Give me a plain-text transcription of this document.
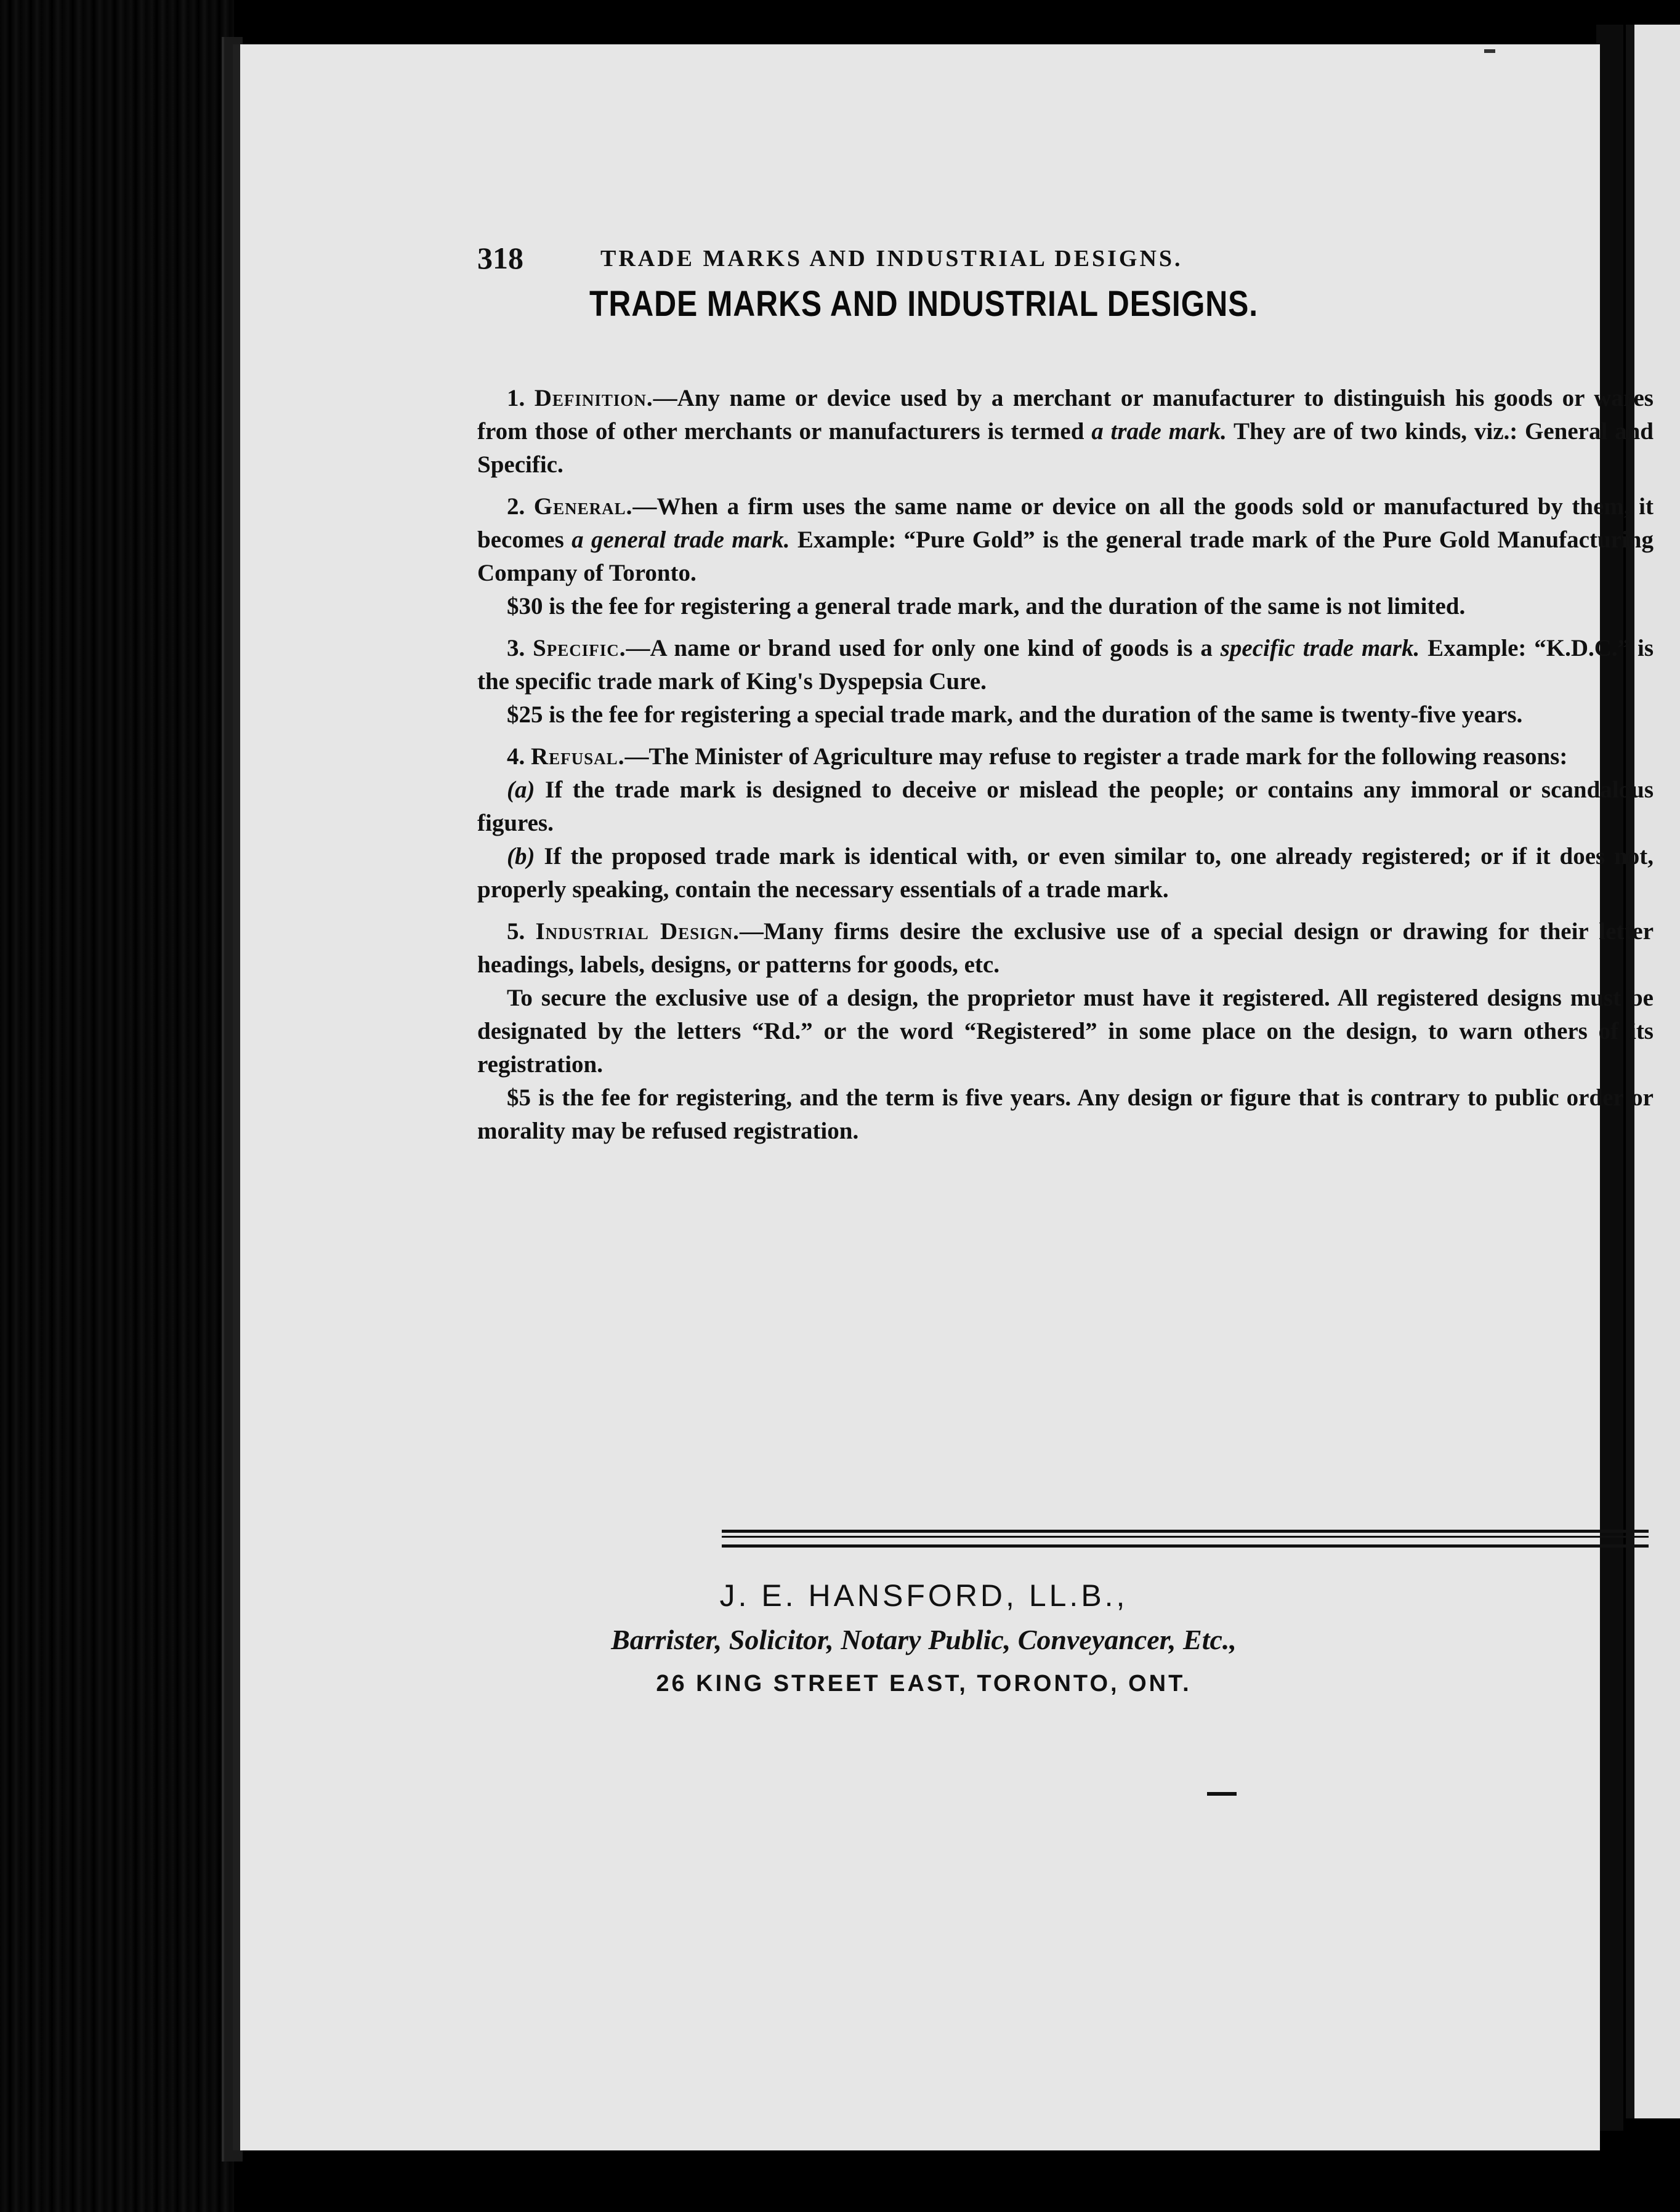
318	TRADE MARKS AND INDUSTRIAL DESIGNS.
TRADE MARKS AND INDUSTRIAL DESIGNS.

1. Definition.—Any name or device used by a merchant or manufacturer to distinguish his goods or wares from those of other merchants or manufacturers is termed a trade mark. They are of two kinds, viz.: General and Specific.

2. General.—When a firm uses the same name or device on all the goods sold or manufactured by them, it becomes a general trade mark. Example: “Pure Gold” is the general trade mark of the Pure Gold Manufacturing Company of Toronto.

$30 is the fee for registering a general trade mark, and the duration of the same is not limited.

3. Specific.—A name or brand used for only one kind of goods is a specific trade mark. Example: “K.D.C.” is the specific trade mark of King's Dyspepsia Cure.

$25 is the fee for registering a special trade mark, and the duration of the same is twenty-five years.

4. Refusal.—The Minister of Agriculture may refuse to register a trade mark for the following reasons:

(a) If the trade mark is designed to deceive or mislead the people; or contains any immoral or scandalous figures.

(b) If the proposed trade mark is identical with, or even similar to, one already registered; or if it does not, properly speaking, contain the necessary essentials of a trade mark.

5. Industrial Design.—Many firms desire the exclusive use of a special design or drawing for their letter headings, labels, designs, or patterns for goods, etc.

To secure the exclusive use of a design, the proprietor must have it registered. All registered designs must be designated by the letters “Rd.” or the word “Registered” in some place on the design, to warn others of its registration.

$5 is the fee for registering, and the term is five years. Any design or figure that is contrary to public order or morality may be refused registration.

J. E. HANSFORD, LL.B.,

Barrister, Solicitor, Notary Public, Conveyancer, Etc.,

26 KING STREET EAST, TORONTO, ONT.
